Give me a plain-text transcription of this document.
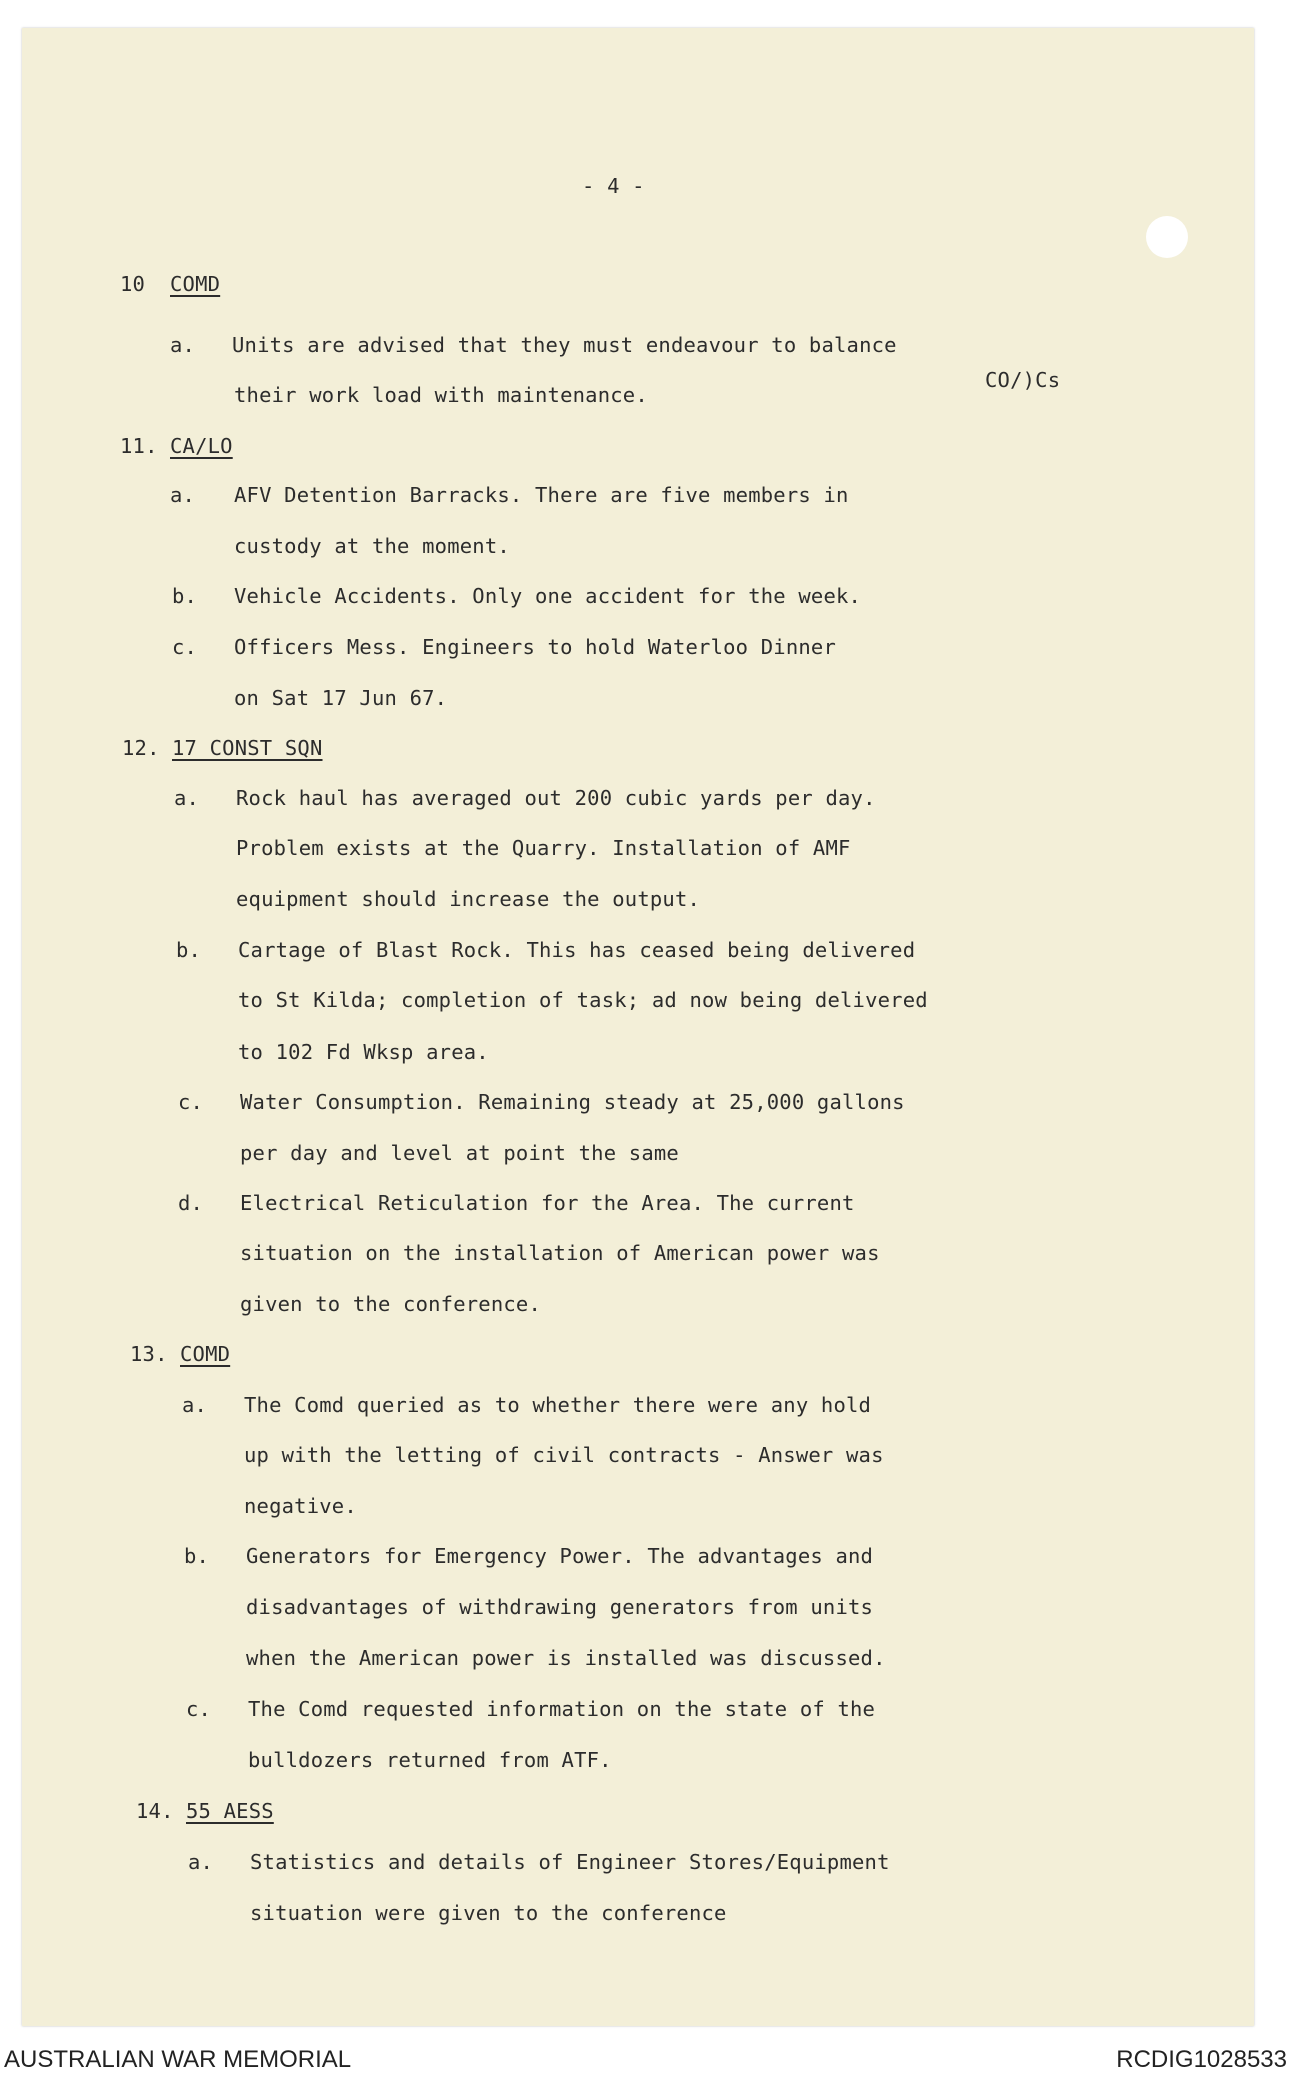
- 4 -
CO/)Cs
10 COMD
a. Units are advised that they must endeavour to balance
their work load with maintenance.
11. CA/LO
a. AFV Detention Barracks. There are five members in
custody at the moment.
b. Vehicle Accidents. Only one accident for the week.
c. Officers Mess. Engineers to hold Waterloo Dinner
on Sat 17 Jun 67.
12. 17 CONST SQN
a. Rock haul has averaged out 200 cubic yards per day.
Problem exists at the Quarry. Installation of AMF
equipment should increase the output.
b. Cartage of Blast Rock. This has ceased being delivered
to St Kilda; completion of task; ad now being delivered
to 102 Fd Wksp area.
c. Water Consumption. Remaining steady at 25,000 gallons
per day and level at point the same
d. Electrical Reticulation for the Area. The current
situation on the installation of American power was
given to the conference.
13. COMD
a. The Comd queried as to whether there were any hold
up with the letting of civil contracts - Answer was
negative.
b. Generators for Emergency Power. The advantages and
disadvantages of withdrawing generators from units
when the American power is installed was discussed.
c. The Comd requested information on the state of the
bulldozers returned from ATF.
14. 55 AESS
a. Statistics and details of Engineer Stores/Equipment
situation were given to the conference
AUSTRALIAN WAR MEMORIAL	RCDIG1028533
